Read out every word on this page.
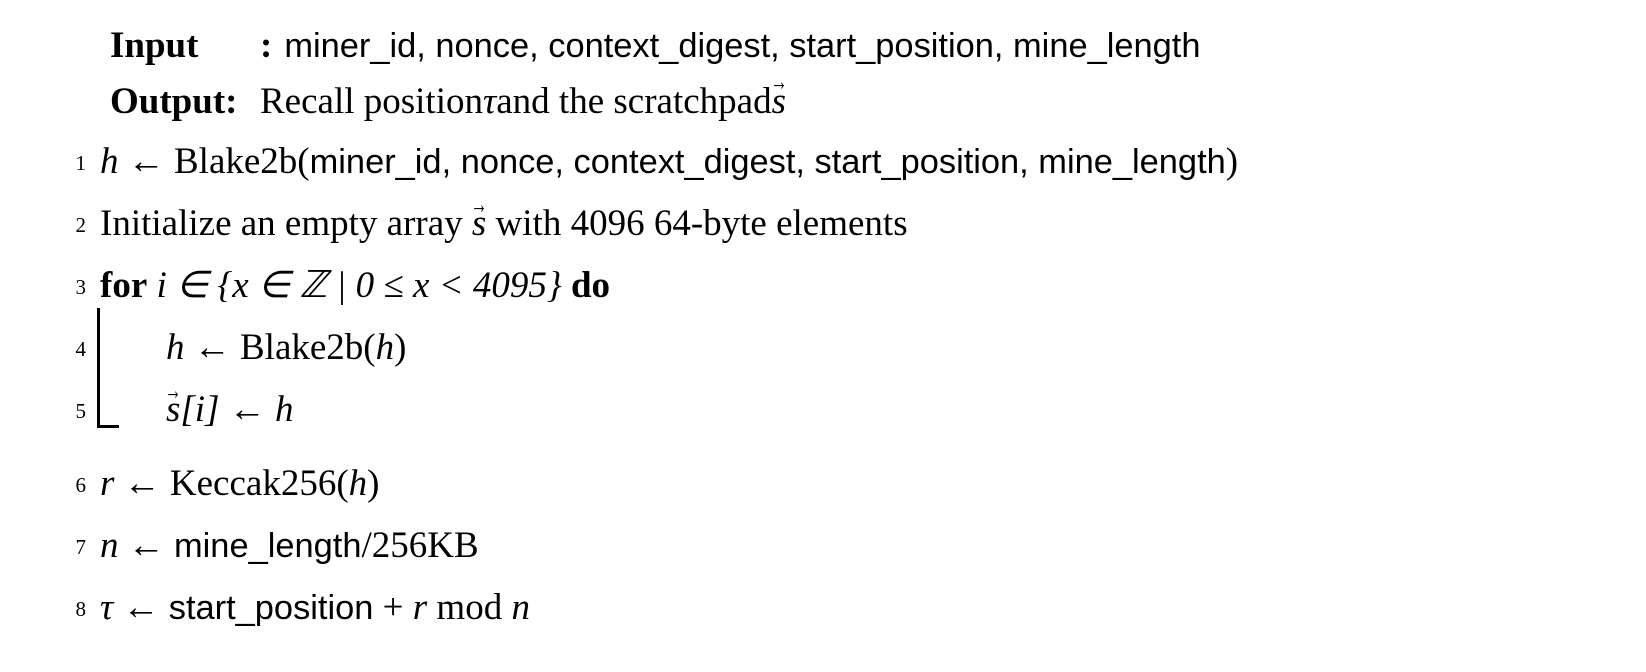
Input	: miner_id, nonce, context_digest, start_position, mine_length
Output: Recall position τ and the scratchpad s →
1 h ← Blake2b(miner_id, nonce, context_digest, start_position, mine_length)
2 Initialize an empty array s → with 4096 64-byte elements
3 for i ∈ {x ∈ ℤ | 0 ≤ x < 4095} do
4	h ← Blake2b(h)
5	s →[i] ← h
6 r ← Keccak256(h)
7 n ← mine_length/256KB
8 τ ← start_position + r mod n
